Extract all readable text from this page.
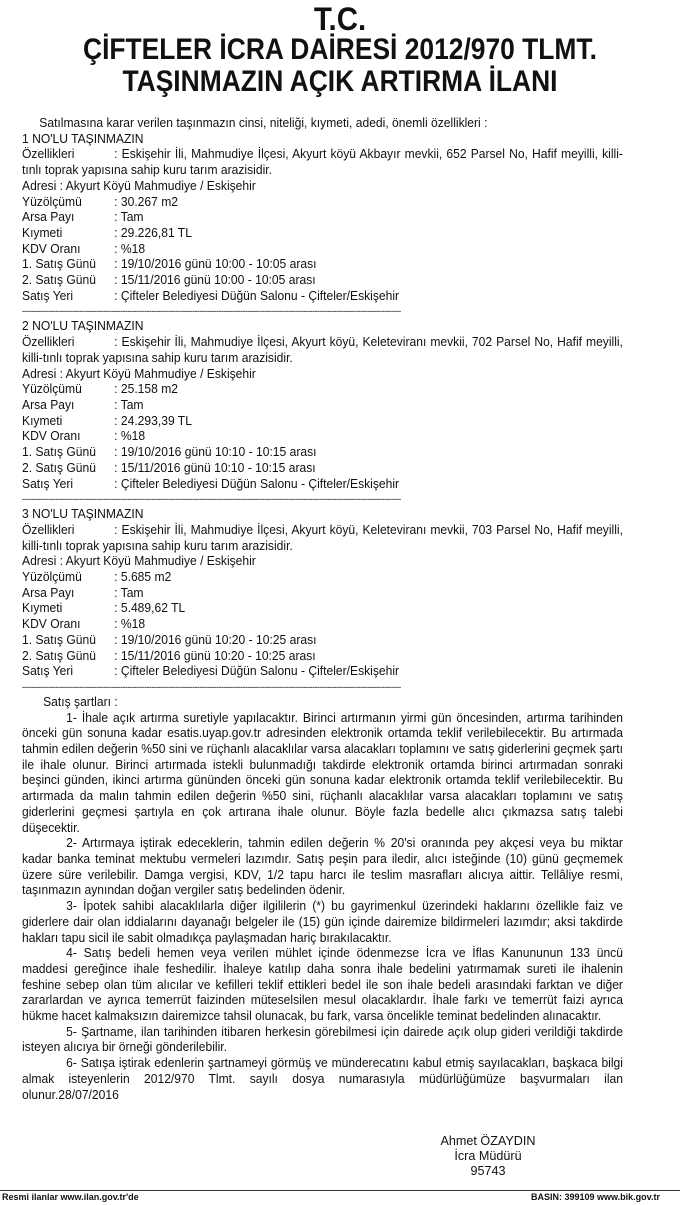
T.C.
ÇİFTELER İCRA DAİRESİ 2012/970 TLMT.
TAŞINMAZIN AÇIK ARTIRMA İLANI
Satılmasına karar verilen taşınmazın cinsi, niteliği, kıymeti, adedi, önemli özellikleri :
1 NO'LU TAŞINMAZIN
Özellikleri	: Eskişehir İli, Mahmudiye İlçesi, Akyurt köyü Akbayır mevkii, 652 Parsel No, Hafif meyilli, killi-tınlı toprak yapısına sahip kuru tarım arazisidir.
Adresi : Akyurt Köyü Mahmudiye / Eskişehir
Yüzölçümü	: 30.267 m2
Arsa Payı	: Tam
Kıymeti	: 29.226,81 TL
KDV Oranı	: %18
1. Satış Günü	: 19/10/2016 günü 10:00 - 10:05 arası
2. Satış Günü	: 15/11/2016 günü 10:00 - 10:05 arası
Satış Yeri	: Çifteler Belediyesi Düğün Salonu - Çifteler/Eskişehir
--------------------------------------------------------------------------------------------------------------------------------------------------------------
2 NO'LU TAŞINMAZIN
Özellikleri	: Eskişehir İli, Mahmudiye İlçesi, Akyurt köyü, Keleteviranı mevkii, 702 Parsel No, Hafif meyilli, killi-tınlı toprak yapısına sahip kuru tarım arazisidir.
Adresi : Akyurt Köyü Mahmudiye / Eskişehir
Yüzölçümü	: 25.158 m2
Arsa Payı	: Tam
Kıymeti	: 24.293,39 TL
KDV Oranı	: %18
1. Satış Günü	: 19/10/2016 günü 10:10 - 10:15 arası
2. Satış Günü	: 15/11/2016 günü 10:10 - 10:15 arası
Satış Yeri	: Çifteler Belediyesi Düğün Salonu - Çifteler/Eskişehir
--------------------------------------------------------------------------------------------------------------------------------------------------------------
3 NO'LU TAŞINMAZIN
Özellikleri	: Eskişehir İli, Mahmudiye İlçesi, Akyurt köyü, Keleteviranı mevkii, 703 Parsel No, Hafif meyilli, killi-tınlı toprak yapısına sahip kuru tarım arazisidir.
Adresi : Akyurt Köyü Mahmudiye / Eskişehir
Yüzölçümü	: 5.685 m2
Arsa Payı	: Tam
Kıymeti	: 5.489,62 TL
KDV Oranı	: %18
1. Satış Günü	: 19/10/2016 günü 10:20 - 10:25 arası
2. Satış Günü	: 15/11/2016 günü 10:20 - 10:25 arası
Satış Yeri	: Çifteler Belediyesi Düğün Salonu - Çifteler/Eskişehir
--------------------------------------------------------------------------------------------------------------------------------------------------------------
Satış şartları :
1- İhale açık artırma suretiyle yapılacaktır. Birinci artırmanın yirmi gün öncesinden, artırma tarihinden önceki gün sonuna kadar esatis.uyap.gov.tr adresinden elektronik ortamda teklif verilebilecektir. Bu artırmada tahmin edilen değerin %50 sini ve rüçhanlı alacaklılar varsa alacakları toplamını ve satış giderlerini geçmek şartı ile ihale olunur. Birinci artırmada istekli bulunmadığı takdirde elektronik ortamda birinci artırmadan sonraki beşinci günden, ikinci artırma gününden önceki gün sonuna kadar elektronik ortamda teklif verilebilecektir. Bu artırmada da malın tahmin edilen değerin %50 sini, rüçhanlı alacaklılar varsa alacakları toplamını ve satış giderlerini geçmesi şartıyla en çok artırana ihale olunur. Böyle fazla bedelle alıcı çıkmazsa satış talebi düşecektir.
2- Artırmaya iştirak edeceklerin, tahmin edilen değerin % 20'si oranında pey akçesi veya bu miktar kadar banka teminat mektubu vermeleri lazımdır. Satış peşin para iledir, alıcı isteğinde (10) günü geçmemek üzere süre verilebilir. Damga vergisi, KDV, 1/2 tapu harcı ile teslim masrafları alıcıya aittir. Tellâliye resmi, taşınmazın aynından doğan vergiler satış bedelinden ödenir.
3- İpotek sahibi alacaklılarla diğer ilgililerin (*) bu gayrimenkul üzerindeki haklarını özellikle faiz ve giderlere dair olan iddialarını dayanağı belgeler ile (15) gün içinde dairemize bildirmeleri lazımdır; aksi takdirde hakları tapu sicil ile sabit olmadıkça paylaşmadan hariç bırakılacaktır.
4- Satış bedeli hemen veya verilen mühlet içinde ödenmezse İcra ve İflas Kanununun 133 üncü maddesi gereğince ihale feshedilir. İhaleye katılıp daha sonra ihale bedelini yatırmamak sureti ile ihalenin feshine sebep olan tüm alıcılar ve kefilleri teklif ettikleri bedel ile son ihale bedeli arasındaki farktan ve diğer zararlardan ve ayrıca temerrüt faizinden müteselsilen mesul olacaklardır. İhale farkı ve temerrüt faizi ayrıca hükme hacet kalmaksızın dairemizce tahsil olunacak, bu fark, varsa öncelikle teminat bedelinden alınacaktır.
5- Şartname, ilan tarihinden itibaren herkesin görebilmesi için dairede açık olup gideri verildiği takdirde isteyen alıcıya bir örneği gönderilebilir.
6- Satışa iştirak edenlerin şartnameyi görmüş ve münderecatını kabul etmiş sayılacakları, başkaca bilgi almak isteyenlerin 2012/970 Tlmt. sayılı dosya numarasıyla müdürlüğümüze başvurmaları ilan olunur.28/07/2016
Ahmet ÖZAYDIN
İcra Müdürü
95743
Resmi ilanlar www.ilan.gov.tr'de	BASIN: 399109 www.bik.gov.tr
